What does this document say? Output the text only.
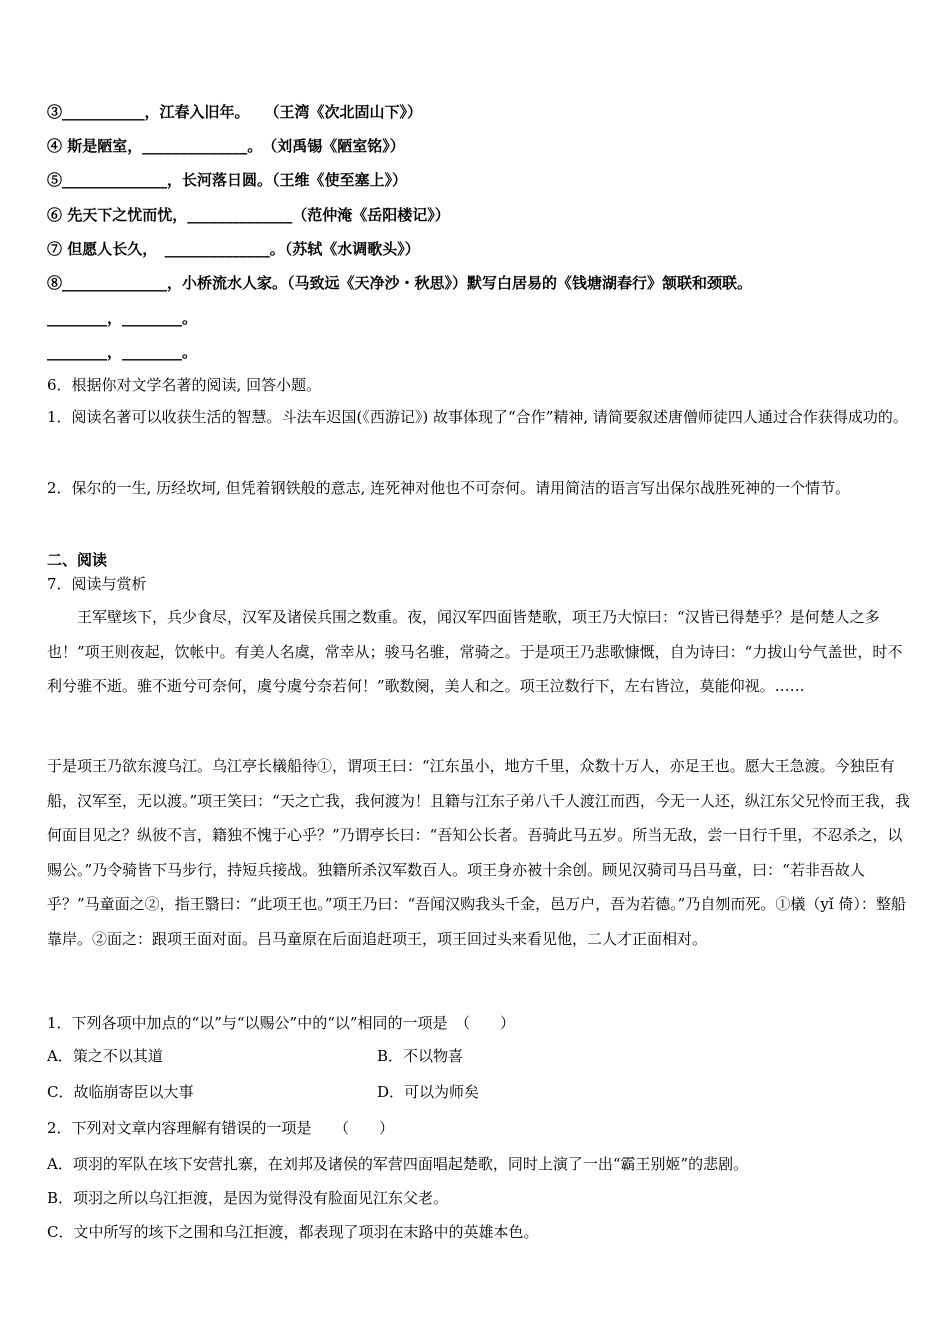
③___________，江春入旧年。　　（王湾《次北固山下》）
④ 斯是陋室，______________。　（刘禹锡《陋室铭》）
⑤______________，长河落日圆。（王维《使至塞上》）
⑥ 先天下之忧而忧，______________（范仲淹《岳阳楼记》）
⑦ 但愿人长久，　______________。（苏轼《水调歌头》）
⑧______________，小桥流水人家。（马致远《天净沙・秋思》）默写白居易的《钱塘湖春行》颔联和颈联。
________，________。
________，________。
6．根据你对文学名著的阅读, 回答小题。
1．阅读名著可以收获生活的智慧。斗法车迟国(《西游记》) 故事体现了“合作”精神, 请简要叙述唐僧师徒四人通过合作获得成功的。
2．保尔的一生, 历经坎坷, 但凭着钢铁般的意志, 连死神对他也不可奈何。请用简洁的语言写出保尔战胜死神的一个情节。
二、阅读
7．阅读与赏析
王军壁垓下，兵少食尽，汉军及诸侯兵围之数重。夜，闻汉军四面皆楚歌，项王乃大惊曰：“汉皆已得楚乎？是何楚人之多也！”项王则夜起，饮帐中。有美人名虞，常幸从；骏马名骓，常骑之。于是项王乃悲歌慷慨，自为诗曰：“力拔山兮气盖世，时不利兮骓不逝。骓不逝兮可奈何，虞兮虞兮奈若何！”歌数阕，美人和之。项王泣数行下，左右皆泣，莫能仰视。……
于是项王乃欲东渡乌江。乌江亭长檥船待①，谓项王曰：“江东虽小，地方千里，众数十万人，亦足王也。愿大王急渡。今独臣有船，汉军至，无以渡。”项王笑曰：“天之亡我，我何渡为！且籍与江东子弟八千人渡江而西，今无一人还，纵江东父兄怜而王我，我何面目见之？纵彼不言，籍独不愧于心乎？”乃谓亭长曰：“吾知公长者。吾骑此马五岁。所当无敌，尝一日行千里，不忍杀之，以赐公。”乃令骑皆下马步行，持短兵接战。独籍所杀汉军数百人。项王身亦被十余创。顾见汉骑司马吕马童，曰：“若非吾故人乎？”马童面之②，指王翳曰：“此项王也。”项王乃曰：“吾闻汉购我头千金，邑万户，吾为若德。”乃自刎而死。①檥（yǐ 倚）：整船靠岸。②面之：跟项王面对面。吕马童原在后面追赶项王，项王回过头来看见他，二人才正面相对。
1．下列各项中加点的“以”与“以赐公”中的“以”相同的一项是　（　　）
A．策之不以其道	B．不以物喜
C．故临崩寄臣以大事	D．可以为师矣
2．下列对文章内容理解有错误的一项是　　（　　）
A．项羽的军队在垓下安营扎寨，在刘邦及诸侯的军营四面唱起楚歌，同时上演了一出“霸王别姬”的悲剧。
B．项羽之所以乌江拒渡，是因为觉得没有脸面见江东父老。
C．文中所写的垓下之围和乌江拒渡，都表现了项羽在末路中的英雄本色。
